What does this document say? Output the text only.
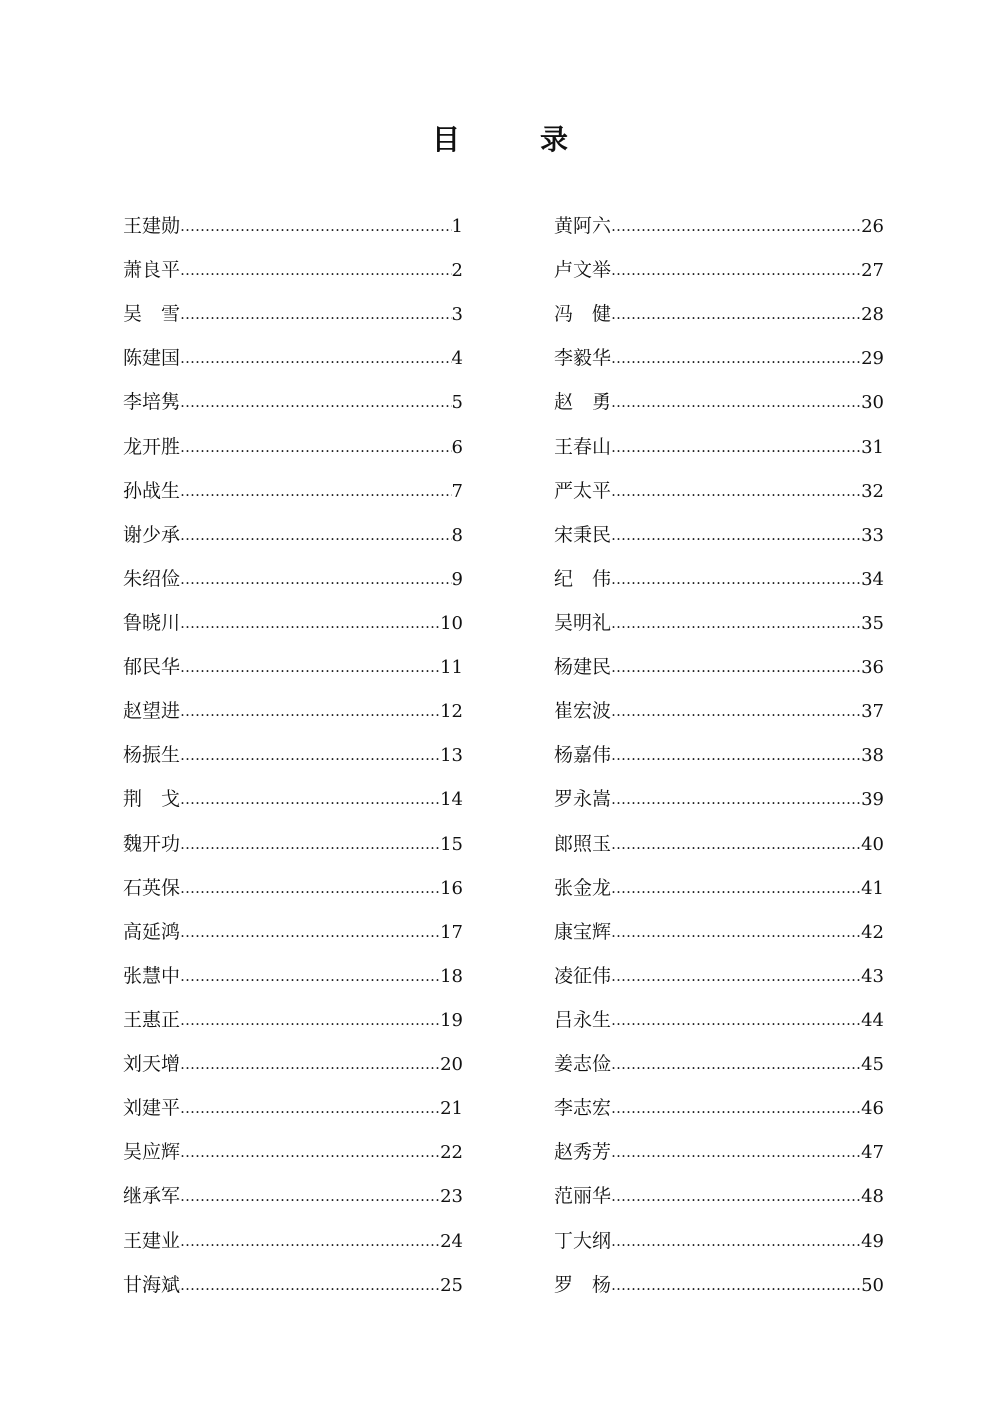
目　录
王建勋 ……………………………………………………………………………………………………………………	1
萧良平 ……………………………………………………………………………………………………………………	2
吴　雪 ……………………………………………………………………………………………………………………	3
陈建国 ……………………………………………………………………………………………………………………	4
李培隽 ……………………………………………………………………………………………………………………	5
龙开胜 ……………………………………………………………………………………………………………………	6
孙战生 ……………………………………………………………………………………………………………………	7
谢少承 ……………………………………………………………………………………………………………………	8
朱绍俭 ……………………………………………………………………………………………………………………	9
鲁晓川 ……………………………………………………………………………………………………………………	10
郁民华 ……………………………………………………………………………………………………………………	11
赵望进 ……………………………………………………………………………………………………………………	12
杨振生 ……………………………………………………………………………………………………………………	13
荆　戈 ……………………………………………………………………………………………………………………	14
魏开功 ……………………………………………………………………………………………………………………	15
石英保 ……………………………………………………………………………………………………………………	16
高延鸿 ……………………………………………………………………………………………………………………	17
张慧中 ……………………………………………………………………………………………………………………	18
王惠正 ……………………………………………………………………………………………………………………	19
刘天增 ……………………………………………………………………………………………………………………	20
刘建平 ……………………………………………………………………………………………………………………	21
吴应辉 ……………………………………………………………………………………………………………………	22
继承军 ……………………………………………………………………………………………………………………	23
王建业 ……………………………………………………………………………………………………………………	24
甘海斌 ……………………………………………………………………………………………………………………	25
黄阿六 ……………………………………………………………………………………………………………………	26
卢文举 ……………………………………………………………………………………………………………………	27
冯　健 ……………………………………………………………………………………………………………………	28
李毅华 ……………………………………………………………………………………………………………………	29
赵　勇 ……………………………………………………………………………………………………………………	30
王春山 ……………………………………………………………………………………………………………………	31
严太平 ……………………………………………………………………………………………………………………	32
宋秉民 ……………………………………………………………………………………………………………………	33
纪　伟 ……………………………………………………………………………………………………………………	34
吴明礼 ……………………………………………………………………………………………………………………	35
杨建民 ……………………………………………………………………………………………………………………	36
崔宏波 ……………………………………………………………………………………………………………………	37
杨嘉伟 ……………………………………………………………………………………………………………………	38
罗永嵩 ……………………………………………………………………………………………………………………	39
郎照玉 ……………………………………………………………………………………………………………………	40
张金龙 ……………………………………………………………………………………………………………………	41
康宝辉 ……………………………………………………………………………………………………………………	42
凌征伟 ……………………………………………………………………………………………………………………	43
吕永生 ……………………………………………………………………………………………………………………	44
姜志俭 ……………………………………………………………………………………………………………………	45
李志宏 ……………………………………………………………………………………………………………………	46
赵秀芳 ……………………………………………………………………………………………………………………	47
范丽华 ……………………………………………………………………………………………………………………	48
丁大纲 ……………………………………………………………………………………………………………………	49
罗　杨 ……………………………………………………………………………………………………………………	50
